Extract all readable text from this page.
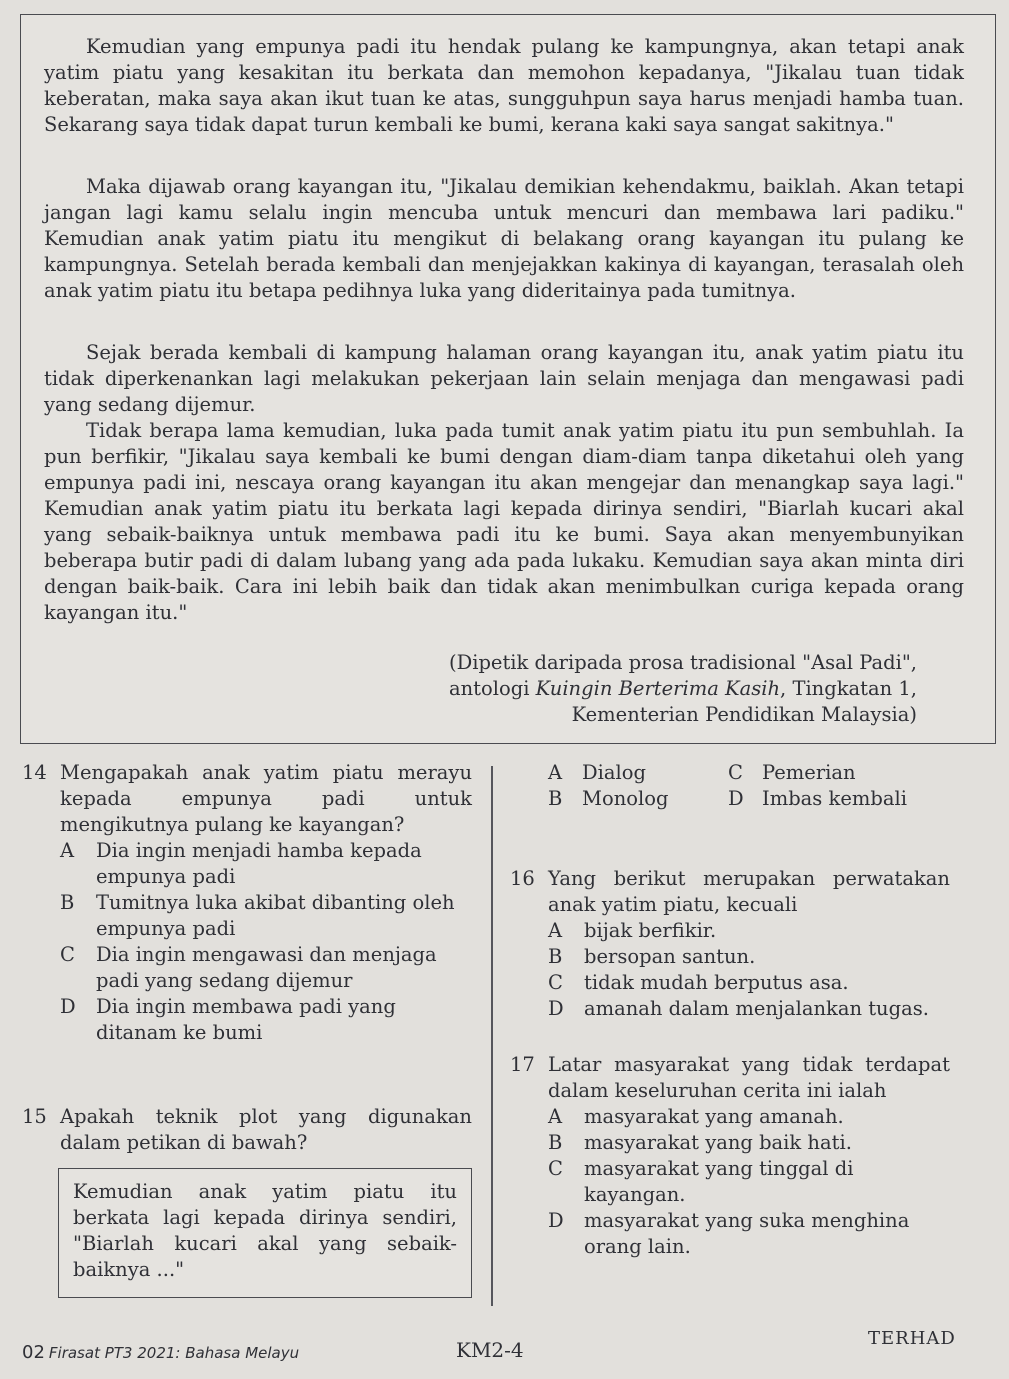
Kemudian yang empunya padi itu hendak pulang ke kampungnya, akan tetapi anak yatim piatu yang kesakitan itu berkata dan memohon kepadanya, "Jikalau tuan tidak keberatan, maka saya akan ikut tuan ke atas, sungguhpun saya harus menjadi hamba tuan. Sekarang saya tidak dapat turun kembali ke bumi, kerana kaki saya sangat sakitnya."

Maka dijawab orang kayangan itu, "Jikalau demikian kehendakmu, baiklah. Akan tetapi jangan lagi kamu selalu ingin mencuba untuk mencuri dan membawa lari padiku." Kemudian anak yatim piatu itu mengikut di belakang orang kayangan itu pulang ke kampungnya. Setelah berada kembali dan menjejakkan kakinya di kayangan, terasalah oleh anak yatim piatu itu betapa pedihnya luka yang dideritainya pada tumitnya.

Sejak berada kembali di kampung halaman orang kayangan itu, anak yatim piatu itu tidak diperkenankan lagi melakukan pekerjaan lain selain menjaga dan mengawasi padi yang sedang dijemur.

Tidak berapa lama kemudian, luka pada tumit anak yatim piatu itu pun sembuhlah. Ia pun berfikir, "Jikalau saya kembali ke bumi dengan diam-diam tanpa diketahui oleh yang empunya padi ini, nescaya orang kayangan itu akan mengejar dan menangkap saya lagi." Kemudian anak yatim piatu itu berkata lagi kepada dirinya sendiri, "Biarlah kucari akal yang sebaik-baiknya untuk membawa padi itu ke bumi. Saya akan menyembunyikan beberapa butir padi di dalam lubang yang ada pada lukaku. Kemudian saya akan minta diri dengan baik-baik. Cara ini lebih baik dan tidak akan menimbulkan curiga kepada orang kayangan itu."

(Dipetik daripada prosa tradisional "Asal Padi",
antologi Kuingin Berterima Kasih, Tingkatan 1,
Kementerian Pendidikan Malaysia)
14 Mengapakah anak yatim piatu merayu kepada empunya padi untuk mengikutnya pulang ke kayangan?
A	Dia ingin menjadi hamba kepada empunya padi
B	Tumitnya luka akibat dibanting oleh empunya padi
C	Dia ingin mengawasi dan menjaga padi yang sedang dijemur
D	Dia ingin membawa padi yang ditanam ke bumi
15 Apakah teknik plot yang digunakan dalam petikan di bawah?
Kemudian anak yatim piatu itu berkata lagi kepada dirinya sendiri, "Biarlah kucari akal yang sebaik-baiknya ..."
A Dialog	C Pemerian
B Monolog	D Imbas kembali
16 Yang berikut merupakan perwatakan anak yatim piatu, kecuali
A	bijak berfikir.
B	bersopan santun.
C	tidak mudah berputus asa.
D	amanah dalam menjalankan tugas.
17 Latar masyarakat yang tidak terdapat dalam keseluruhan cerita ini ialah
A	masyarakat yang amanah.
B	masyarakat yang baik hati.
C	masyarakat yang tinggal di kayangan.
D	masyarakat yang suka menghina orang lain.
02 Firasat PT3 2021: Bahasa Melayu	KM2-4	TERHAD
